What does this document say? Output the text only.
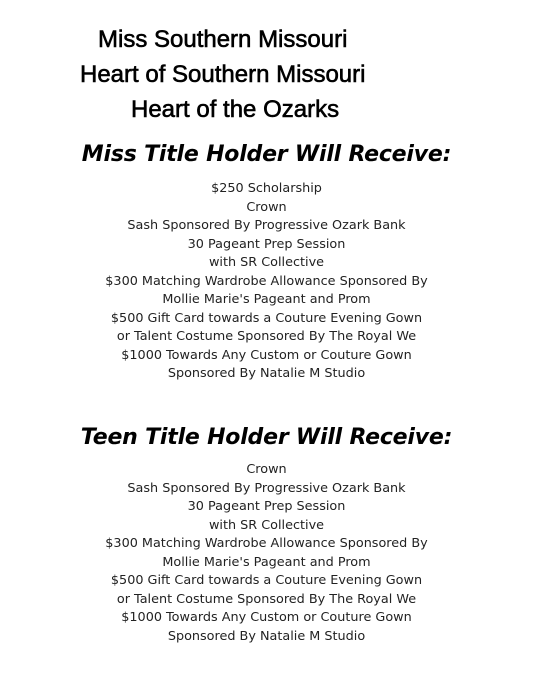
Miss Southern Missouri
Heart of Southern Missouri
Heart of the Ozarks
Miss Title Holder Will Receive:
$250 Scholarship
Crown
Sash Sponsored By Progressive Ozark Bank
30 Pageant Prep Session
with SR Collective
$300 Matching Wardrobe Allowance Sponsored By
Mollie Marie's Pageant and Prom
$500 Gift Card towards a Couture Evening Gown
or Talent Costume Sponsored By The Royal We
$1000 Towards Any Custom or Couture Gown
Sponsored By Natalie M Studio
Teen Title Holder Will Receive:
Crown
Sash Sponsored By Progressive Ozark Bank
30 Pageant Prep Session
with SR Collective
$300 Matching Wardrobe Allowance Sponsored By
Mollie Marie's Pageant and Prom
$500 Gift Card towards a Couture Evening Gown
or Talent Costume Sponsored By The Royal We
$1000 Towards Any Custom or Couture Gown
Sponsored By Natalie M Studio
